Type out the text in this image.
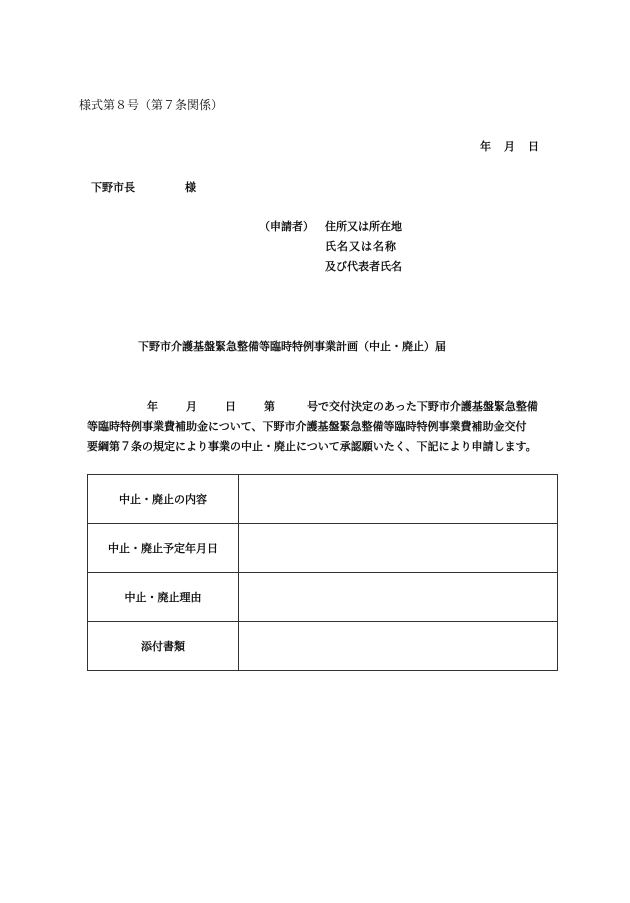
様式第８号（第７条関係）
年 月 日
下野市長	様
（申請者） 住所又は所在地
氏名又は名称
及び代表者氏名
下野市介護基盤緊急整備等臨時特例事業計画（中止・廃止）届
年	月	日	第	号で交付決定のあった下野市介護基盤緊急整備
等臨時特例事業費補助金について、下野市介護基盤緊急整備等臨時特例事業費補助金交付
要綱第７条の規定により事業の中止・廃止について承認願いたく、下記により申請します。
中止・廃止の内容	
中止・廃止予定年月日	
中止・廃止理由	
添付書類	
